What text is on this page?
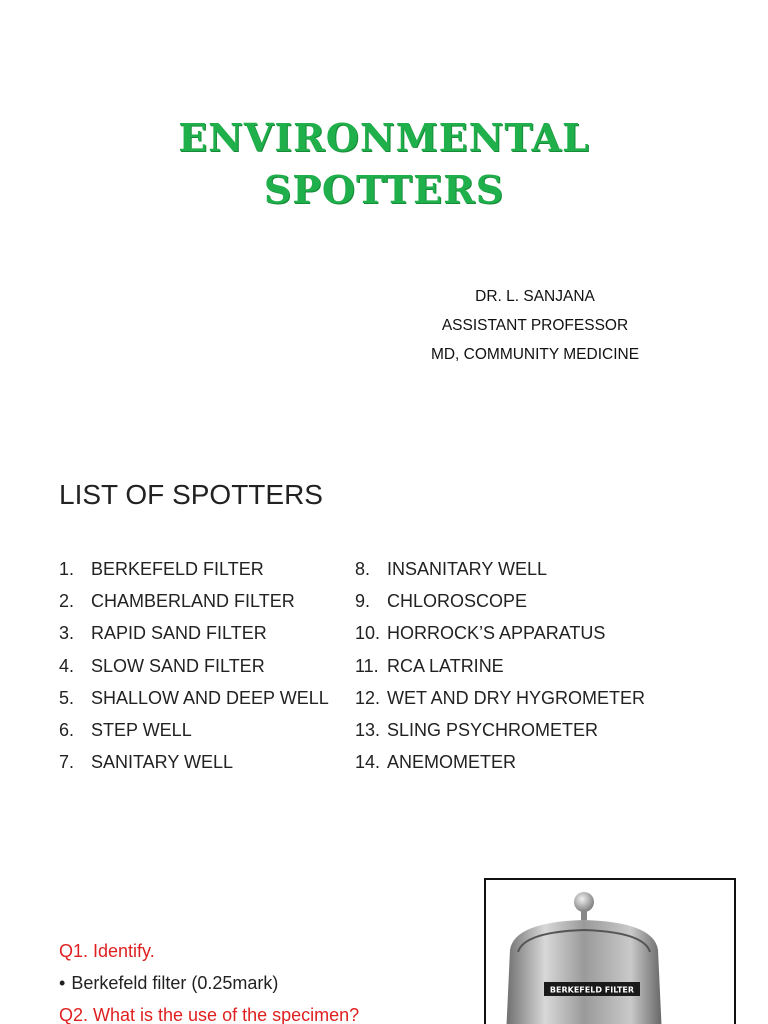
ENVIRONMENTAL
SPOTTERS
DR. L. SANJANA
ASSISTANT PROFESSOR
MD, COMMUNITY MEDICINE
LIST OF SPOTTERS
1. BERKEFELD FILTER
2. CHAMBERLAND FILTER
3. RAPID SAND FILTER
4. SLOW SAND FILTER
5. SHALLOW AND DEEP WELL
6. STEP WELL
7. SANITARY WELL
8. INSANITARY WELL
9. CHLOROSCOPE
10. HORROCK’S APPARATUS
11. RCA LATRINE
12. WET AND DRY HYGROMETER
13. SLING PSYCHROMETER
14. ANEMOMETER
Q1. Identify.
• Berkefeld filter (0.25mark)
Q2. What is the use of the specimen?
BERKEFELD FILTER
